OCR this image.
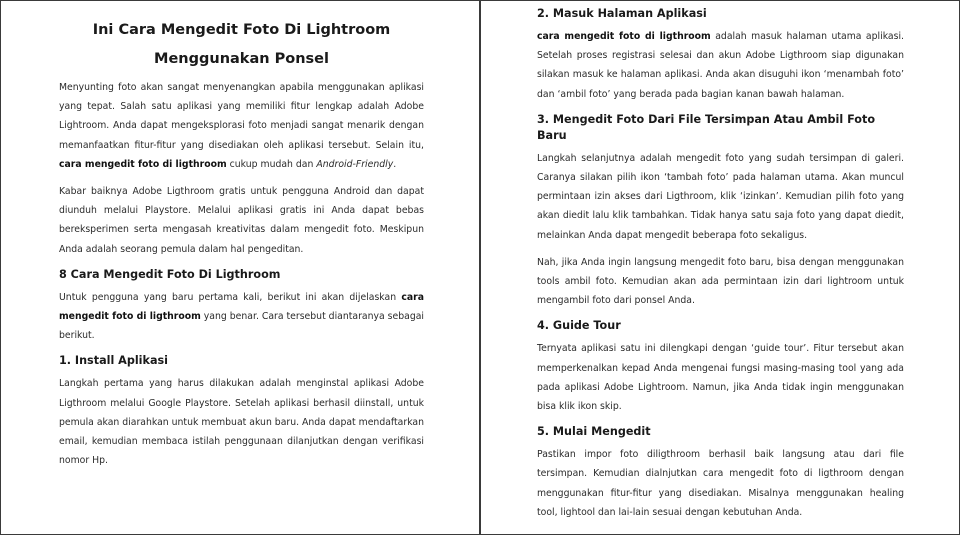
Ini Cara Mengedit Foto Di Lightroom Menggunakan Ponsel

Menyunting foto akan sangat menyenangkan apabila menggunakan aplikasi yang tepat. Salah satu aplikasi yang memiliki fitur lengkap adalah Adobe Lightroom. Anda dapat mengeksplorasi foto menjadi sangat menarik dengan memanfaatkan fitur-fitur yang disediakan oleh aplikasi tersebut. Selain itu, cara mengedit foto di ligthroom cukup mudah dan Android-Friendly.

Kabar baiknya Adobe Ligthroom gratis untuk pengguna Android dan dapat diunduh melalui Playstore. Melalui aplikasi gratis ini Anda dapat bebas bereksperimen serta mengasah kreativitas dalam mengedit foto. Meskipun Anda adalah seorang pemula dalam hal pengeditan.

8 Cara Mengedit Foto Di Ligthroom

Untuk pengguna yang baru pertama kali, berikut ini akan dijelaskan cara mengedit foto di ligthroom yang benar. Cara tersebut diantaranya sebagai berikut.

1. Install Aplikasi

Langkah pertama yang harus dilakukan adalah menginstal aplikasi Adobe Ligthroom melalui Google Playstore. Setelah aplikasi berhasil diinstall, untuk pemula akan diarahkan untuk membuat akun baru. Anda dapat mendaftarkan email, kemudian membaca istilah penggunaan dilanjutkan dengan verifikasi nomor Hp.

2. Masuk Halaman Aplikasi

cara mengedit foto di ligthroom adalah masuk halaman utama aplikasi. Setelah proses registrasi selesai dan akun Adobe Ligthroom siap digunakan silakan masuk ke halaman aplikasi. Anda akan disuguhi ikon ‘menambah foto’ dan ‘ambil foto’ yang berada pada bagian kanan bawah halaman.

3. Mengedit Foto Dari File Tersimpan Atau Ambil Foto Baru

Langkah selanjutnya adalah mengedit foto yang sudah tersimpan di galeri. Caranya silakan pilih ikon ‘tambah foto’ pada halaman utama. Akan muncul permintaan izin akses dari Ligthroom, klik ‘izinkan’. Kemudian pilih foto yang akan diedit lalu klik tambahkan. Tidak hanya satu saja foto yang dapat diedit, melainkan Anda dapat mengedit beberapa foto sekaligus.

Nah, jika Anda ingin langsung mengedit foto baru, bisa dengan menggunakan tools ambil foto. Kemudian akan ada permintaan izin dari lightroom untuk mengambil foto dari ponsel Anda.

4. Guide Tour

Ternyata aplikasi satu ini dilengkapi dengan ‘guide tour’. Fitur tersebut akan memperkenalkan kepad Anda mengenai fungsi masing-masing tool yang ada pada aplikasi Adobe Lightroom. Namun, jika Anda tidak ingin menggunakan bisa klik ikon skip.

5. Mulai Mengedit

Pastikan impor foto diligthroom berhasil baik langsung atau dari file tersimpan. Kemudian dialnjutkan cara mengedit foto di ligthroom dengan menggunakan fitur-fitur yang disediakan. Misalnya menggunakan healing tool, lightool dan lai-lain sesuai dengan kebutuhan Anda.
